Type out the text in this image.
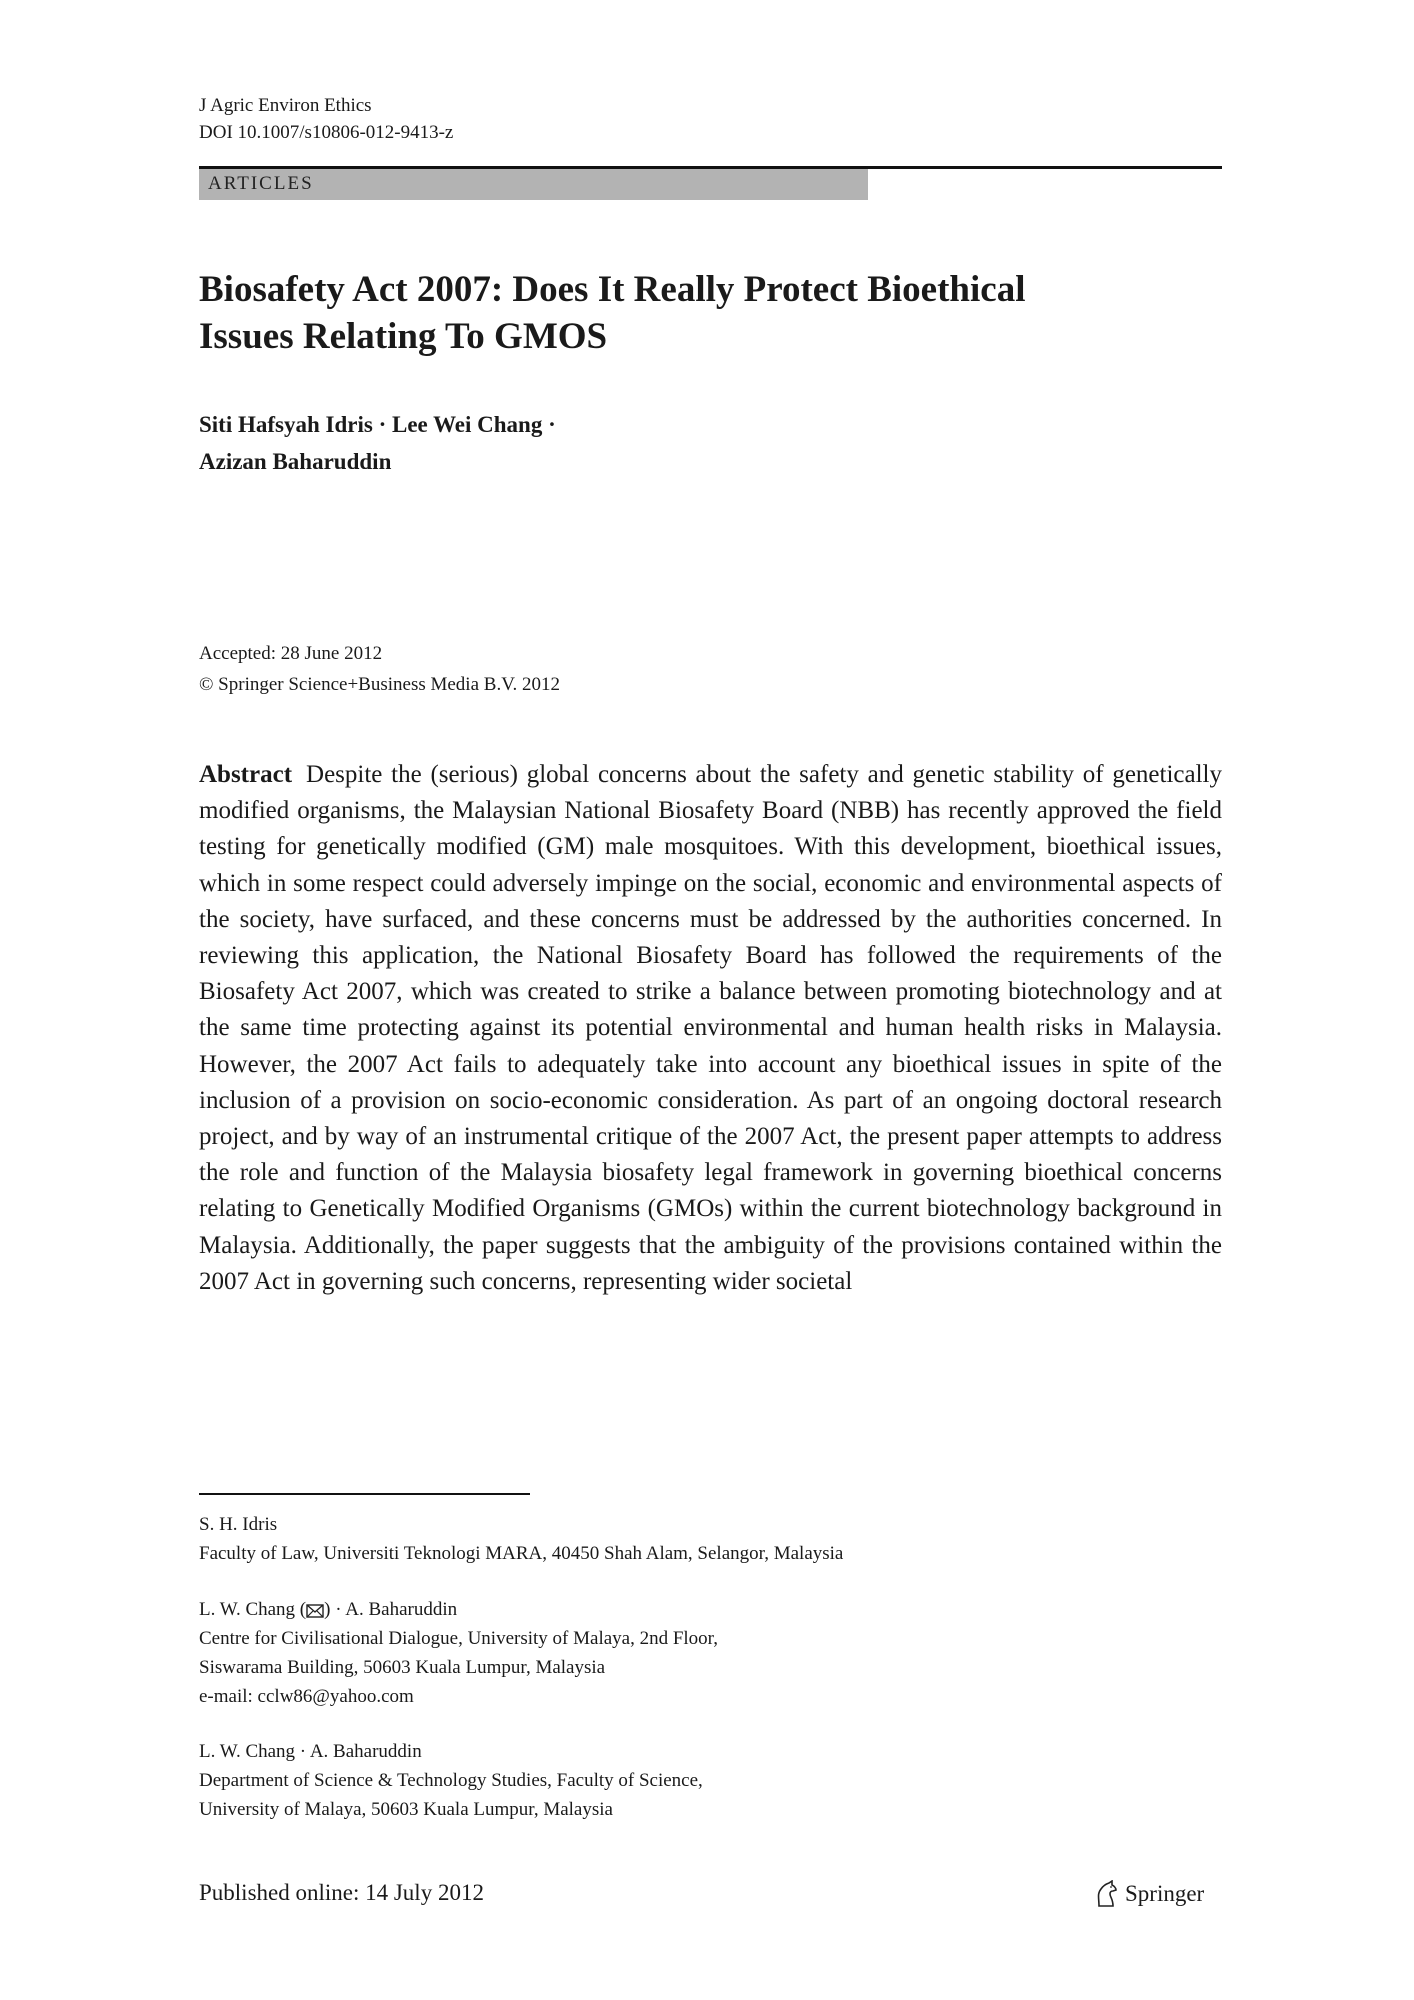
J Agric Environ Ethics
DOI 10.1007/s10806-012-9413-z
ARTICLES
Biosafety Act 2007: Does It Really Protect Bioethical
Issues Relating To GMOS
Siti Hafsyah Idris · Lee Wei Chang ·
Azizan Baharuddin
Accepted: 28 June 2012
© Springer Science+Business Media B.V. 2012
Abstract Despite the (serious) global concerns about the safety and genetic stability of genetically modified organisms, the Malaysian National Biosafety Board (NBB) has recently approved the field testing for genetically modified (GM) male mosquitoes. With this development, bioethical issues, which in some respect could adversely impinge on the social, economic and environmental aspects of the society, have surfaced, and these concerns must be addressed by the authorities concerned. In reviewing this application, the National Biosafety Board has followed the requirements of the Biosafety Act 2007, which was created to strike a balance between promoting biotechnology and at the same time protecting against its potential environmental and human health risks in Malaysia. However, the 2007 Act fails to adequately take into account any bioethical issues in spite of the inclusion of a provision on socio-economic consideration. As part of an ongoing doctoral research project, and by way of an instrumental critique of the 2007 Act, the present paper attempts to address the role and function of the Malaysia biosafety legal framework in governing bioethical concerns relating to Genetically Modified Organisms (GMOs) within the current biotechnology background in Malaysia. Additionally, the paper suggests that the ambiguity of the provisions contained within the 2007 Act in governing such concerns, representing wider societal
S. H. Idris
Faculty of Law, Universiti Teknologi MARA, 40450 Shah Alam, Selangor, Malaysia
L. W. Chang ( ) · A. Baharuddin
Centre for Civilisational Dialogue, University of Malaya, 2nd Floor,
Siswarama Building, 50603 Kuala Lumpur, Malaysia
e-mail: cclw86@yahoo.com
L. W. Chang · A. Baharuddin
Department of Science & Technology Studies, Faculty of Science,
University of Malaya, 50603 Kuala Lumpur, Malaysia
Published online: 14 July 2012	Springer
